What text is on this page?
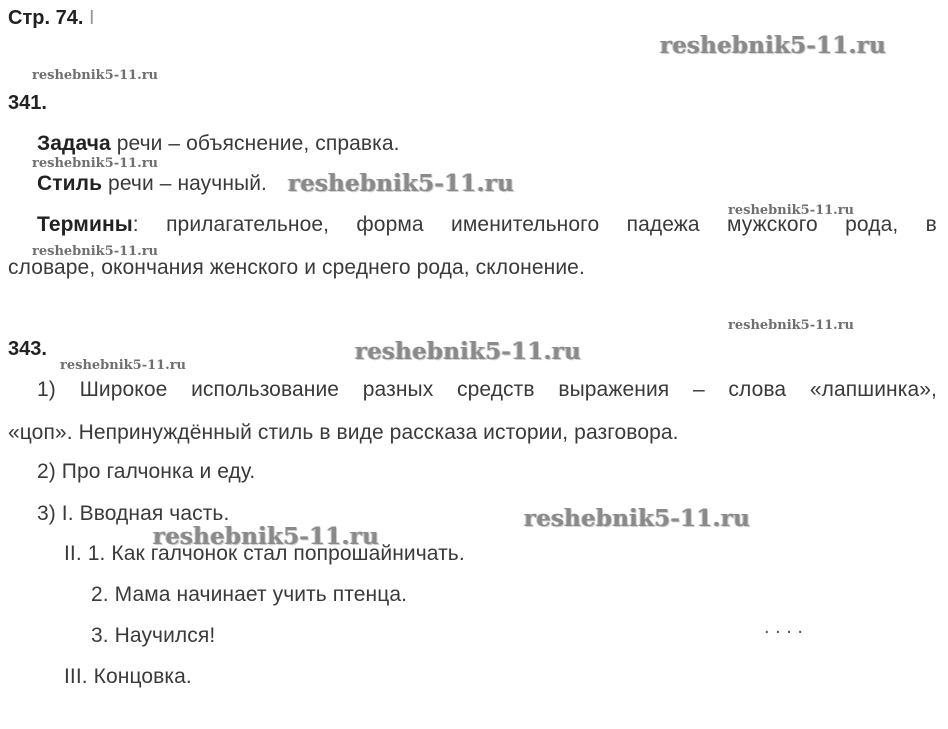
Стр. 74. I
341.
Задача речи – объяснение, справка.
Стиль речи – научный.
Термины: прилагательное, форма именительного падежа мужского рода, в
словаре, окончания женского и среднего рода, склонение.
343.
1) Широкое использование разных средств выражения – слова «лапшинка»,
«цоп». Непринуждённый стиль в виде рассказа истории, разговора.
2) Про галчонка и еду.
3) I. Вводная часть.
II. 1. Как галчонок стал попрошайничать.
2. Мама начинает учить птенца.
3. Научился!
III. Концовка.
. . . .
reshebnik5-11.ru
reshebnik5-11.ru
reshebnik5-11.ru
reshebnik5-11.ru
reshebnik5-11.ru
reshebnik5-11.ru
reshebnik5-11.ru
reshebnik5-11.ru
reshebnik5-11.ru
reshebnik5-11.ru
reshebnik5-11.ru
